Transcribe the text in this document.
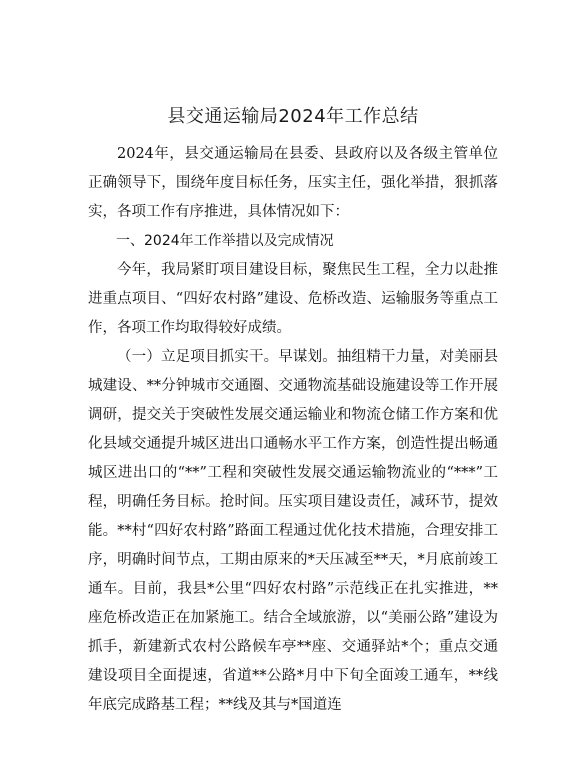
县交通运输局2024年工作总结

2024年，县交通运输局在县委、县政府以及各级主管单位正确领导下，围绕年度目标任务，压实主任，强化举措，狠抓落实，各项工作有序推进，具体情况如下：

一、2024年工作举措以及完成情况

今年，我局紧盯项目建设目标，聚焦民生工程，全力以赴推进重点项目、“四好农村路”建设、危桥改造、运输服务等重点工作，各项工作均取得较好成绩。

（一）立足项目抓实干。早谋划。抽组精干力量，对美丽县城建设、**分钟城市交通圈、交通物流基础设施建设等工作开展调研，提交关于突破性发展交通运输业和物流仓储工作方案和优化县域交通提升城区进出口通畅水平工作方案，创造性提出畅通城区进出口的“**”工程和突破性发展交通运输物流业的“***”工程，明确任务目标。抢时间。压实项目建设责任，减环节，提效能。**村“四好农村路”路面工程通过优化技术措施，合理安排工序，明确时间节点，工期由原来的*天压减至**天，*月底前竣工通车。目前，我县*公里“四好农村路”示范线正在扎实推进，**座危桥改造正在加紧施工。结合全域旅游，以“美丽公路”建设为抓手，新建新式农村公路候车亭**座、交通驿站*个；重点交通建设项目全面提速，省道**公路*月中下旬全面竣工通车，**线年底完成路基工程；**线及其与*国道连
